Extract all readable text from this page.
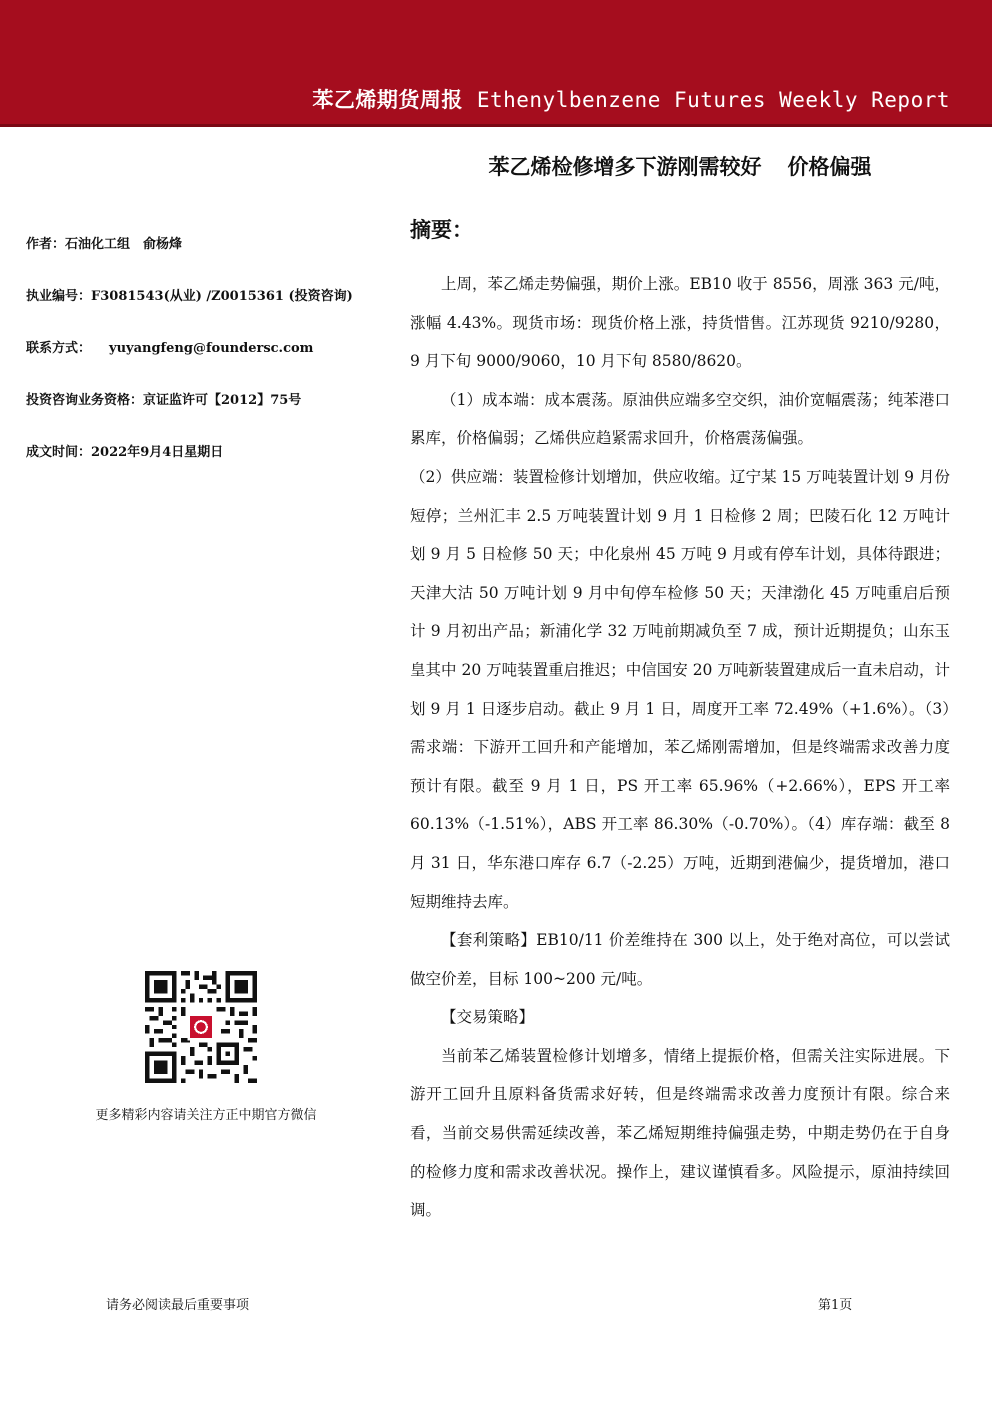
苯乙烯期货周报 Ethenylbenzene Futures Weekly Report
苯乙烯检修增多下游刚需较好 价格偏强
作者：石油化工组　俞杨烽
执业编号：F3081543(从业) /Z0015361 (投资咨询)
联系方式： yuyangfeng@foundersc.com
投资咨询业务资格：京证监许可【2012】75号
成文时间：2022年9月4日星期日
更多精彩内容请关注方正中期官方微信
摘要：

上周，苯乙烯走势偏强，期价上涨。EB10 收于 8556，周涨 363 元/吨，涨幅 4.43%。现货市场：现货价格上涨，持货惜售。江苏现货 9210/9280，9 月下旬 9000/9060，10 月下旬 8580/8620。

（1）成本端：成本震荡。原油供应端多空交织，油价宽幅震荡；纯苯港口累库，价格偏弱；乙烯供应趋紧需求回升，价格震荡偏强。

（2）供应端：装置检修计划增加，供应收缩。辽宁某 15 万吨装置计划 9 月份短停；兰州汇丰 2.5 万吨装置计划 9 月 1 日检修 2 周；巴陵石化 12 万吨计划 9 月 5 日检修 50 天；中化泉州 45 万吨 9 月或有停车计划，具体待跟进；天津大沽 50 万吨计划 9 月中旬停车检修 50 天；天津渤化 45 万吨重启后预计 9 月初出产品；新浦化学 32 万吨前期减负至 7 成，预计近期提负；山东玉皇其中 20 万吨装置重启推迟；中信国安 20 万吨新装置建成后一直未启动，计划 9 月 1 日逐步启动。截止 9 月 1 日，周度开工率 72.49%（+1.6%）。（3）需求端：下游开工回升和产能增加，苯乙烯刚需增加，但是终端需求改善力度预计有限。截至 9 月 1 日，PS 开工率 65.96%（+2.66%），EPS 开工率 60.13%（-1.51%），ABS 开工率 86.30%（-0.70%）。（4）库存端：截至 8 月 31 日，华东港口库存 6.7（-2.25）万吨，近期到港偏少，提货增加，港口短期维持去库。

【套利策略】EB10/11 价差维持在 300 以上，处于绝对高位，可以尝试做空价差，目标 100~200 元/吨。

【交易策略】

当前苯乙烯装置检修计划增多，情绪上提振价格，但需关注实际进展。下游开工回升且原料备货需求好转，但是终端需求改善力度预计有限。综合来看，当前交易供需延续改善，苯乙烯短期维持偏强走势，中期走势仍在于自身的检修力度和需求改善状况。操作上，建议谨慎看多。风险提示，原油持续回调。

请务必阅读最后重要事项	第1页
